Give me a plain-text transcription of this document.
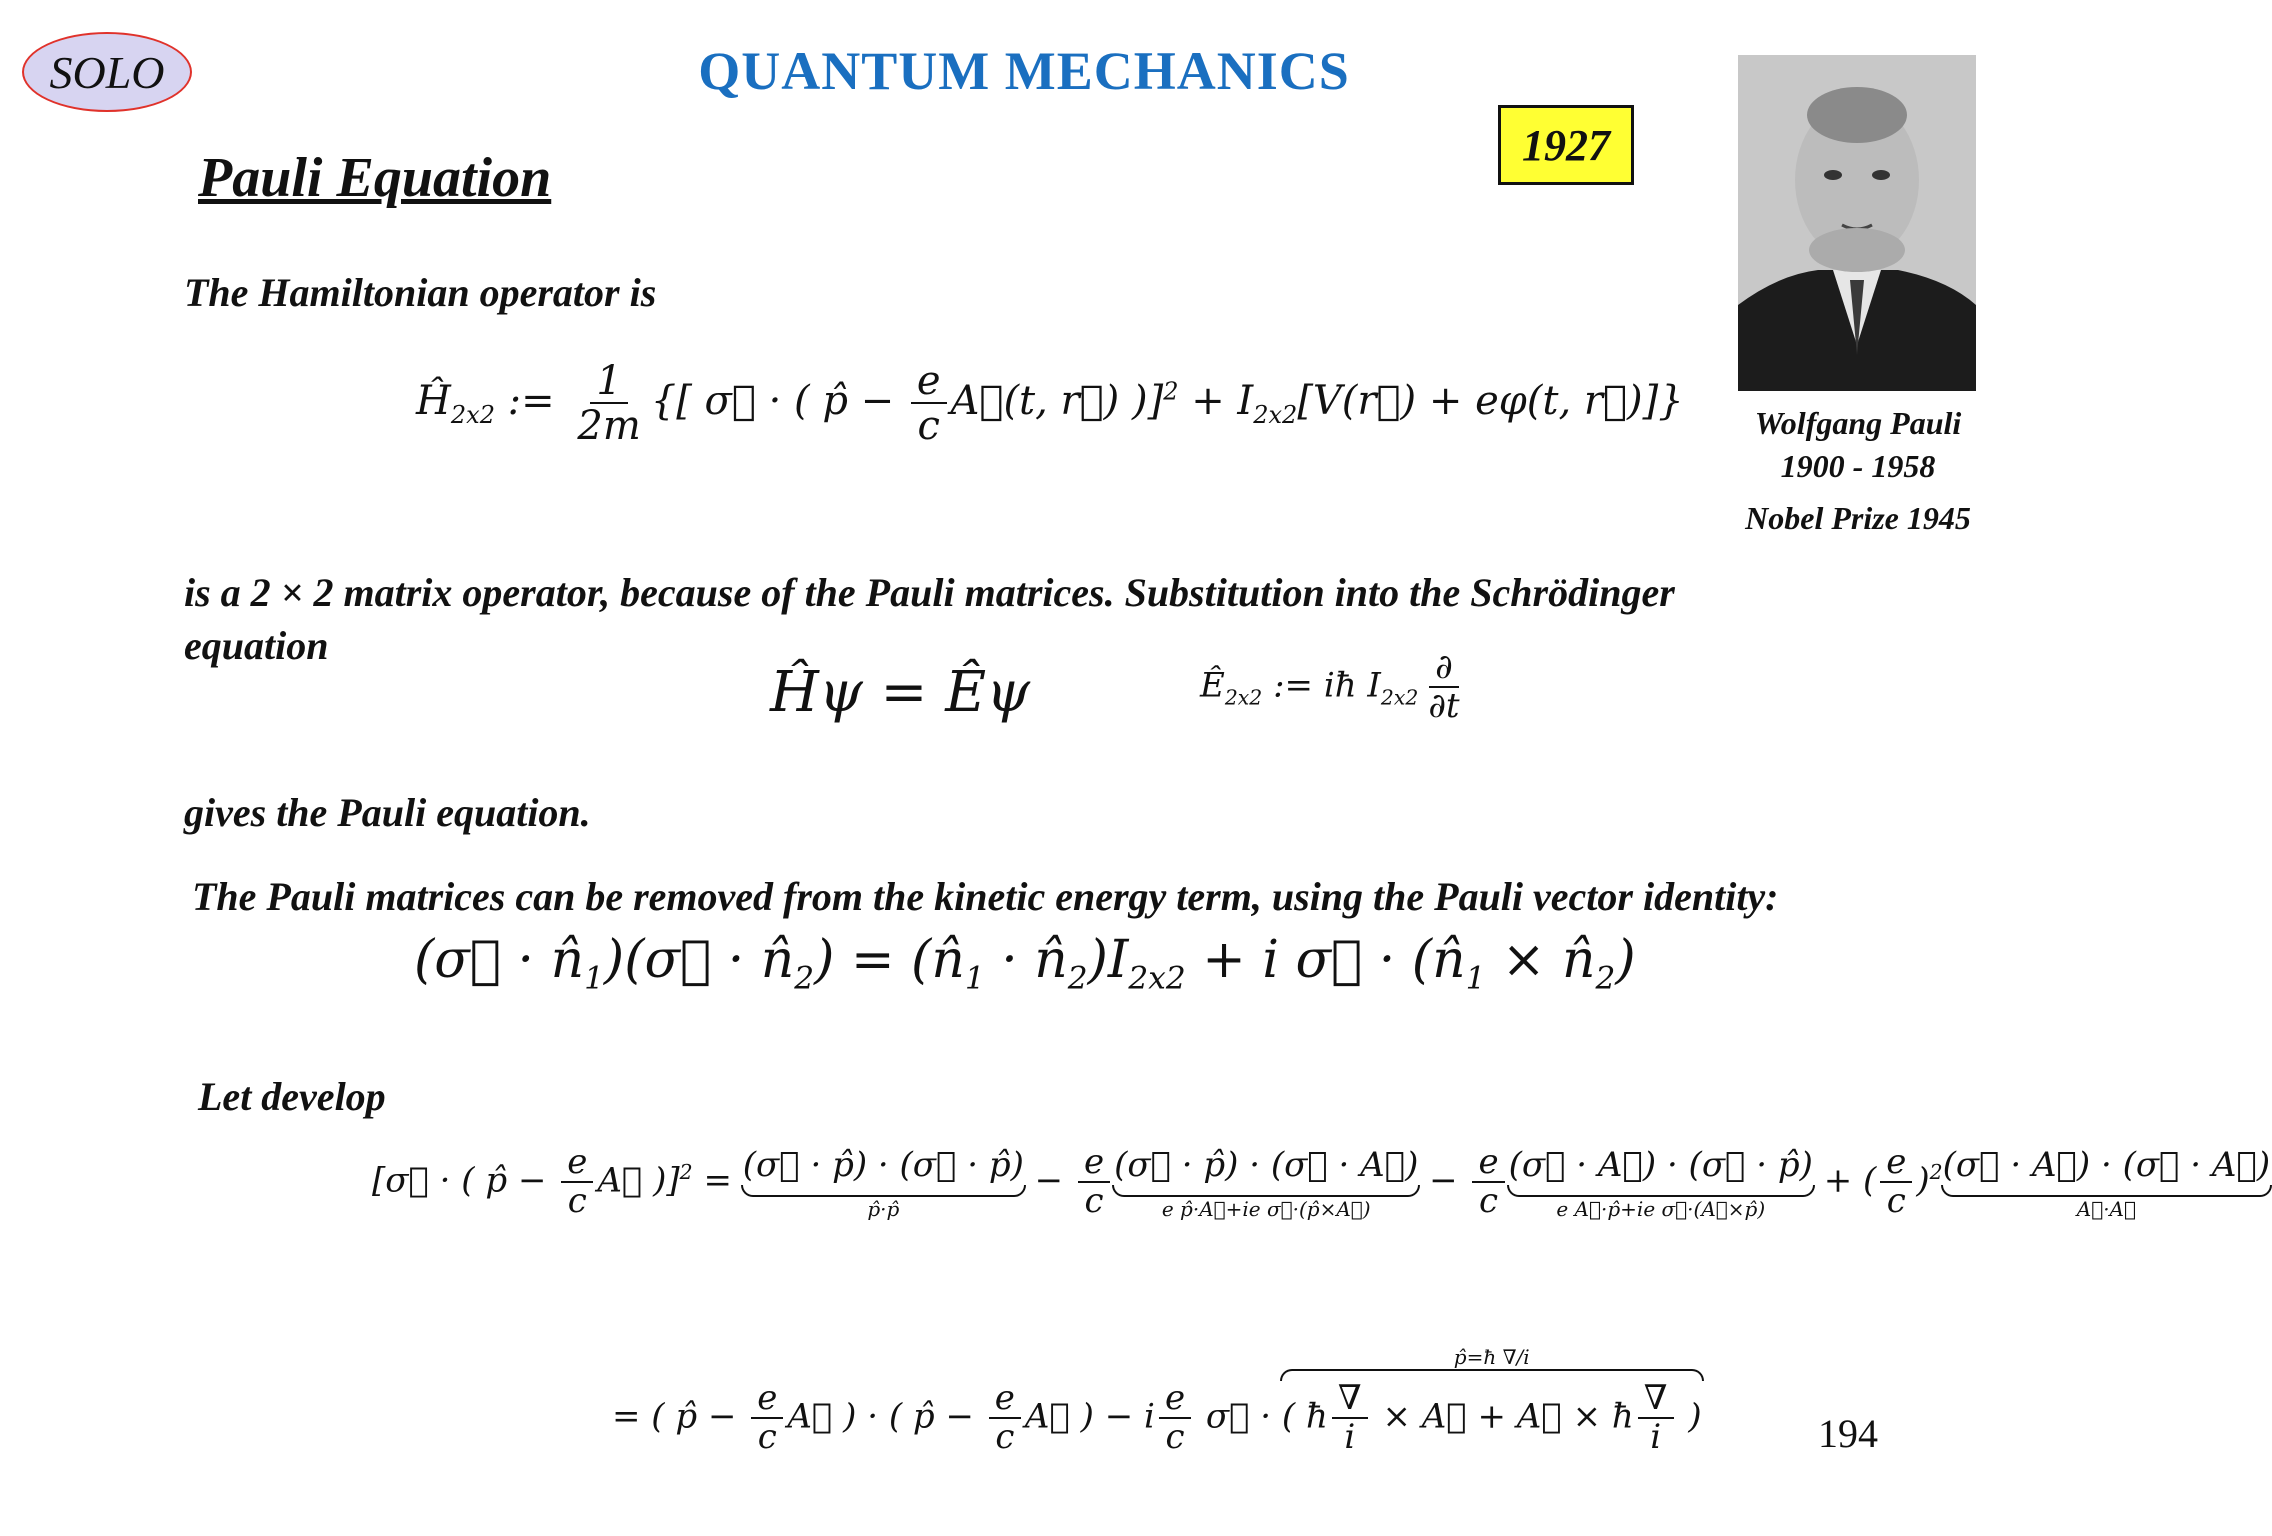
SOLO	QUANTUM MECHANICS
1927
Wolfgang Pauli
1900 - 1958
Nobel Prize 1945
Pauli Equation
The Hamiltonian operator is
$Ĥ_{2x2}$ := $\frac{1}{2m}$ {[ σ⃗ · ( p̂ − $\frac{e}{c}$ A⃗(t, r⃗) )]$^2 + I_{2x2}[V(r⃗) + e\varphi(t$, r⃗)]}
is a 2 × 2 matrix operator, because of the Pauli matrices. Substitution into the Schrödinger equation
Ĥψ = Êψ	$Ê_{2x2}$ := iħ $I_{2x2} \frac{\partial}{\partial t}$
gives the Pauli equation.
The Pauli matrices can be removed from the kinetic energy term, using the Pauli vector identity:
(σ⃗ · $n̂_1)(\sigma⃗$ · $n̂_2$) = ($n̂_1$ · $n̂_2)I_{2x2} + i$ σ⃗ · ($n̂_1$ × $n̂_2$)
Let develop
[σ⃗ · ( p̂ − $\frac{e}{c}$ A⃗ )]$^2$ = (σ⃗ · p̂) · (σ⃗ · p̂)
p̂·p̂
− $\frac{e}{c}$ (σ⃗ · p̂) · (σ⃗ · A⃗)
e p̂·A⃗+ie σ⃗·(p̂×A⃗)
− $\frac{e}{c}$ (σ⃗ · A⃗) · (σ⃗ · p̂)
e A⃗·p̂+ie σ⃗·(A⃗×p̂)
+ ( $\frac{e}{c} )^2$ (σ⃗ · A⃗) · (σ⃗ · A⃗)
A⃗·A⃗
= ( p̂ − $\frac{e}{c}$ A⃗ ) · ( p̂ − $\frac{e}{c}$ A⃗ ) − i $\frac{e}{c}$ σ⃗ ·
p̂=ħ ∇/i
( ħ $\frac{\nabla}{i}$ × A⃗ + A⃗ × ħ $\frac{\nabla}{i}$ )	194
